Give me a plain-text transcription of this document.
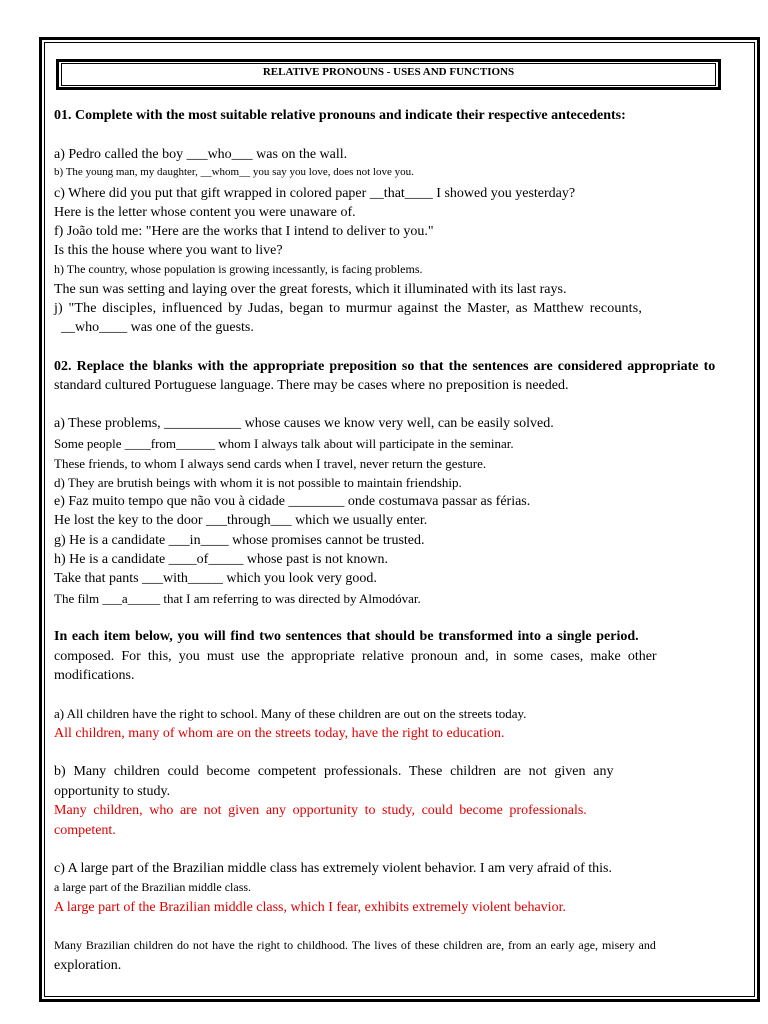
RELATIVE PRONOUNS - USES AND FUNCTIONS
01. Complete with the most suitable relative pronouns and indicate their respective antecedents:
a) Pedro called the boy ___who___ was on the wall.
b) The young man, my daughter, __whom__ you say you love, does not love you.
c) Where did you put that gift wrapped in colored paper __that____ I showed you yesterday?
Here is the letter whose content you were unaware of.
f) João told me: "Here are the works that I intend to deliver to you."
Is this the house where you want to live?
h) The country, whose population is growing incessantly, is facing problems.
The sun was setting and laying over the great forests, which it illuminated with its last rays.
j) "The disciples, influenced by Judas, began to murmur against the Master, as Matthew recounts,
__who____ was one of the guests.
02. Replace the blanks with the appropriate preposition so that the sentences are considered appropriate to
standard cultured Portuguese language. There may be cases where no preposition is needed.
a) These problems, ___________ whose causes we know very well, can be easily solved.
Some people ____from______ whom I always talk about will participate in the seminar.
These friends, to whom I always send cards when I travel, never return the gesture.
d) They are brutish beings with whom it is not possible to maintain friendship.
e) Faz muito tempo que não vou à cidade ________ onde costumava passar as férias.
He lost the key to the door ___through___ which we usually enter.
g) He is a candidate ___in____ whose promises cannot be trusted.
h) He is a candidate ____of_____ whose past is not known.
Take that pants ___with_____ which you look very good.
The film ___a_____ that I am referring to was directed by Almodóvar.
In each item below, you will find two sentences that should be transformed into a single period.
composed. For this, you must use the appropriate relative pronoun and, in some cases, make other
modifications.
a) All children have the right to school. Many of these children are out on the streets today.
All children, many of whom are on the streets today, have the right to education.
b) Many children could become competent professionals. These children are not given any
opportunity to study.
Many children, who are not given any opportunity to study, could become professionals.
competent.
c) A large part of the Brazilian middle class has extremely violent behavior. I am very afraid of this.
a large part of the Brazilian middle class.
A large part of the Brazilian middle class, which I fear, exhibits extremely violent behavior.
Many Brazilian children do not have the right to childhood. The lives of these children are, from an early age, misery and
exploration.
